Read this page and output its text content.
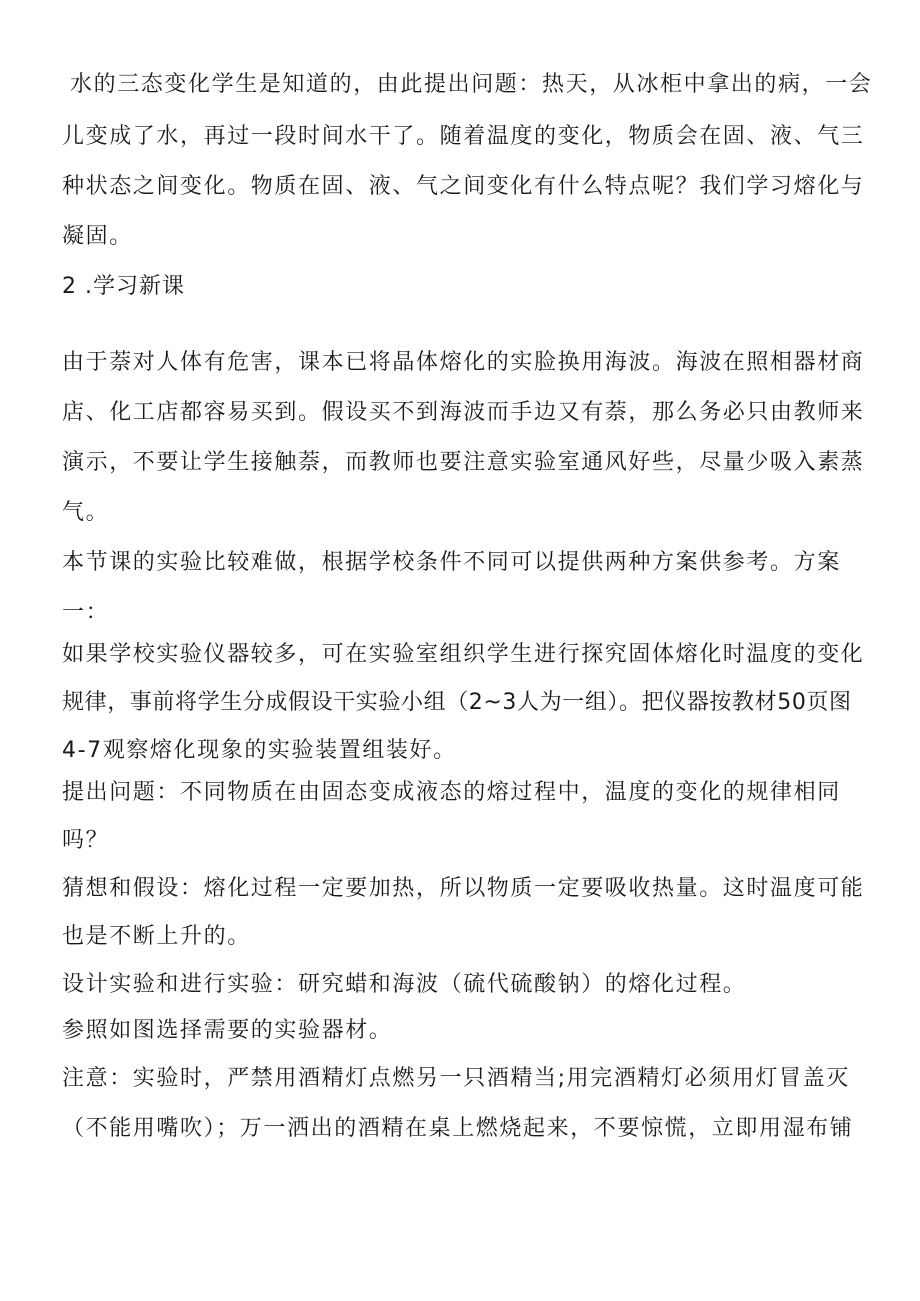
水的三态变化学生是知道的，由此提出问题：热天，从冰柜中拿出的病，一会
儿变成了水，再过一段时间水干了。随着温度的变化，物质会在固、液、气三
种状态之间变化。物质在固、液、气之间变化有什么特点呢？我们学习熔化与
凝固。
2 .学习新课
由于萘对人体有危害，课本已将晶体熔化的实脸换用海波。海波在照相器材商
店、化工店都容易买到。假设买不到海波而手边又有萘，那么务必只由教师来
演示，不要让学生接触萘，而教师也要注意实验室通风好些，尽量少吸入素蒸
气。
本节课的实验比较难做，根据学校条件不同可以提供两种方案供参考。方案
一：
如果学校实验仪器较多，可在实验室组织学生进行探究固体熔化时温度的变化
规律，事前将学生分成假设干实验小组（2~3人为一组）。把仪器按教材50页图
4-7观察熔化现象的实验装置组装好。
提出问题：不同物质在由固态变成液态的熔过程中，温度的变化的规律相同
吗？
猜想和假设：熔化过程一定要加热，所以物质一定要吸收热量。这时温度可能
也是不断上升的。
设计实验和进行实验：研究蜡和海波（硫代硫酸钠）的熔化过程。
参照如图选择需要的实验器材。
注意：实验时，严禁用酒精灯点燃另一只酒精当;用完酒精灯必须用灯冒盖灭
（不能用嘴吹）；万一洒出的酒精在桌上燃烧起来，不要惊慌，立即用湿布铺
